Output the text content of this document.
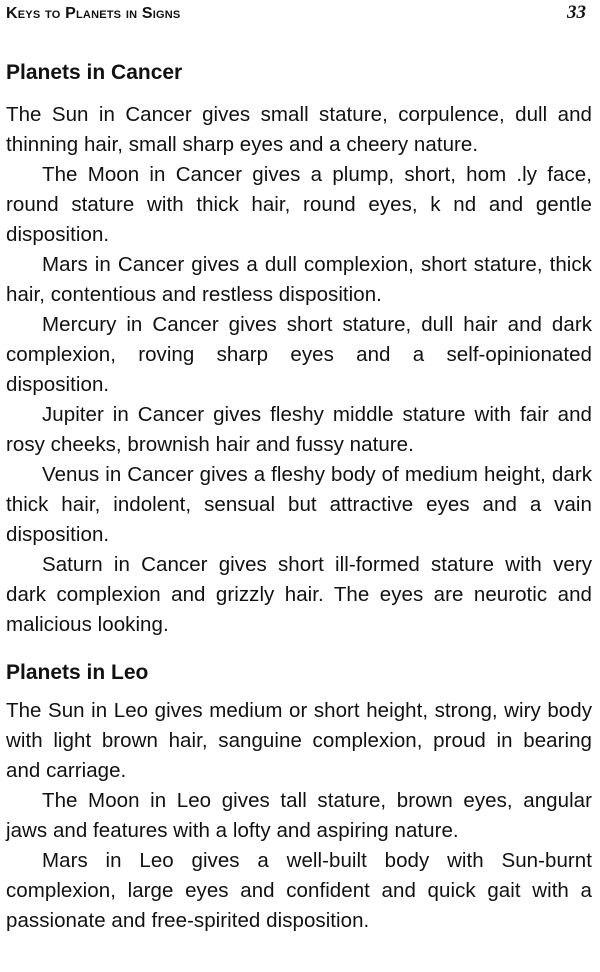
Keys to Planets in Signs	33
Planets in Cancer

The Sun in Cancer gives small stature, corpulence, dull and thinning hair, small sharp eyes and a cheery nature.

The Moon in Cancer gives a plump, short, hom .ly face, round stature with thick hair, round eyes, k nd and gentle disposition.

Mars in Cancer gives a dull complexion, short stature, thick hair, contentious and restless disposition.

Mercury in Cancer gives short stature, dull hair and dark complexion, roving sharp eyes and a self-opinionated disposition.

Jupiter in Cancer gives fleshy middle stature with fair and rosy cheeks, brownish hair and fussy nature.

Venus in Cancer gives a fleshy body of medium height, dark thick hair, indolent, sensual but attractive eyes and a vain disposition.

Saturn in Cancer gives short ill-formed stature with very dark complexion and grizzly hair. The eyes are neurotic and malicious looking.

Planets in Leo

The Sun in Leo gives medium or short height, strong, wiry body with light brown hair, sanguine complexion, proud in bearing and carriage.

The Moon in Leo gives tall stature, brown eyes, angular jaws and features with a lofty and aspiring nature.

Mars in Leo gives a well-built body with Sun-burnt complexion, large eyes and confident and quick gait with a passionate and free-spirited disposition.
